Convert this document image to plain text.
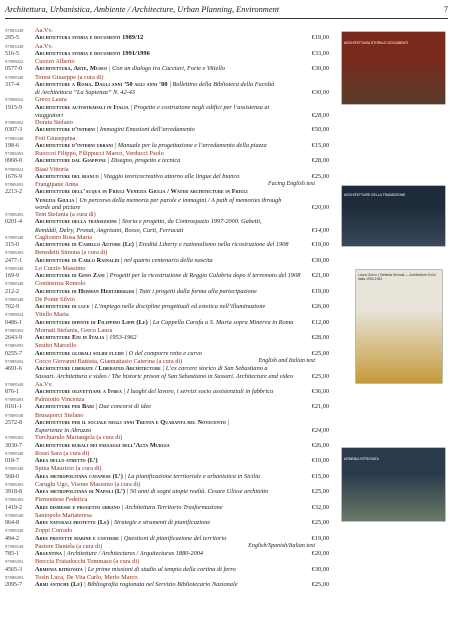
Architettura, Urbanistica, Ambiente / Architecture, Urban Planning, Environment	7
97883348 Aa.Vv.
295-5	Architettura storia e documenti 1989/12	€19,00
97883348 Aa.Vv.
516-5	Architettura storia e documenti 1991/1996	€33,00
97888822 Cuozzo Alberto
0577-0 Architettura, Arte, Museo | Con un dialogo tra Cacciari, Forte e Vitiello	€30,00
97888348 Toresi Giuseppe (a cura di)
317-4	Architetture a Roma. Dagli anni ’50 agli anni ’80 | Bollettino della Biblioteca della Facoltà
di Architettura “La Sapienza” N. 42-43	€30,00
97888822 Greco Laura
1915-9 Architetture autostradali in Italia | Progetto e costruzione negli edifici per l’assistenza ai
viaggiatori	€28,00
97888492 Dorata Stefano
0307-3 Architetture d’interni | Immagini Emozioni dell’arredamento	€50,00
97888348 Foti Giuseppina
198-6	Architetture d’interni urbani | Manuale per la progettazione e l’arredamento della piazza	€15,00
97888493 Ruoccoi Filippo, Filippucci Marco, Verducci Paolo
0968-0 Architetture dal Giappone | Disegno, progetto e tecnica	€28,00
97888822 Biasi Vittoria
1676-9 Architetture del bianco | Viaggio teoricocreativo attorno alle lingue del bianco	€25,00
97888492 Frangipane Anna	Facing English text
2213-2 Architetture dell’acqua in Friuli Venezia Giulia / Water architecture in Friuli
Venezia Giulia | Un percorso della memoria per parole e immagini / A path of memories through
words and picture	€20,00
97888492 Tent Stefania (a cura di)
0201-4 Architetture della transizione | Storia e progetto, da Controspazio 1997-2000. Gabetti,
Remiddi, Delry, Pronat, Angrisani, Rosso, Curti, Ferracuti	€14,00
97888348 Cagliostro Rosa Maria
315-0	Architetture di Camillo Autore (Le) | Eredità Liberty e razionalismo nella ricostruzione del 1908	€19,00
97888492 Benedetti Simona (a cura di)
2477-1 Architetture di Carlo Rainaldi | nel quarto centenario della nascita	€30,00
97888348 Lo Curzio Massimo
169-9	Architetture di Gino Zani | Progetti per la ricostruzione di Reggio Calabria dopo il terremoto del 1908 €21,00
97888348 Continenza Romolo
212-2	Architetture di Herman Hertzberger | Tutti i progetti dalla forma alla partecipazione	€19,00
97888348 De Ponte Silvio
702-9	Architetture di luce | L’impiego nelle discipline progettuali ed estetica nell’illuminazione	€26,00
97888824 Vitello Maria
0486-1 Architetture dipinte di Filippino Lippi (Le) | La Cappella Carafa a S. Maria sopra Minerva in Roma	€12,00
97888492 Mornati Stefania, Greco Laura
2643-9 Architetture Eni in Italia | 1953-1962	€28,00
97888493 Sestito Marcello
0255-7 Architetture globali solidi fluidi | O del comporre retto e curvo	€25,00
97888492 Cocco Giovanni Battista, Giannattasio Caterina (a cura di)	English and Italian text
4691-6 Architetture liberate / Liberated Architecture | L’ex carcere storico di San Sebastiano a
Sassari. Architettura e video / The historic prison of San Sebastiano in Sassari. Architecture and video	€25,00
97888348 Aa.Vv.
876-1	Architetture olivettiane a Ivrea | I luoghi del lavoro, i servizi socio assistenziali in fabbrica	€36,00
97888493 Palmiotto Vincenza
0161-1 Architetture per Bari | Due concorsi di idee	€21,00
97888548 Brusaporci Stefano
2572-8 Architetture per il sociale negli anni Trenta e Quaranta del Novecento |
Esperienze in Abruzzo	€24,00
97888492 Turchiarulo Mariangela (a cura di)
3030-7 Architetture rurali nei paesaggi dell’Alta Murgia	€26,00
97888348 Rossi Sara (a cura di)
018-7	Area dello stretto (L’)	€10,00
97888348 Spina Maurizio (a cura di)
568-0	Area metropolitana catanese (L’) | La pianificazione territoriale e urbanistica in Sicilia	€15,00
97888492 Caruglu Ugo, Visone Massimo (a cura di)
3918-8 Area metropolitana di Napoli (L’) | 50 anni di sogni utopie realtà. Cesare Ulisse architetto	€25,00
97888492 Piemontese Federica
1419-2 Aree dismesse e progetto urbano | Architettura Territorio Trasformazione	€32,00
97888548 Santopolo Mariateresa
964-8	Aree naturali protette (Le) | Strategie e strumenti di pianificazione	€25,00
97888348 Zoppi Corrado
494-2	Aree protette marine e costiere | Questioni di pianificazione del territorio	€19,00
97888548 Pastore Daniela (a cura di)	English/Spanish/Italian text
785-1	Argentina | Architetture / Architectures / Arquitecturas 1880-2004	€20,00
97888492 Breccia Fratadocchi Tommaso (a cura di)
4565-3 Armenia ritrovata | Le prime missioni di studio al tempio della cortina di ferro	€30,00
97888493 Tosin Luca, De Vita Carlo, Merlo Marco
2095-7 Armi antiche (Le) | Bibliografia ragionata nel Servizio Bibliotecario Nazionale	€25,00
ARCHITETTURA STORIA E DOCUMENTI
ARCHITETTURE DELLA TRANSIZIONE
Laura Greco | Stefania Mornati — Architetture Eni in Italia 1953-1962
ARMENIA RITROVATA
